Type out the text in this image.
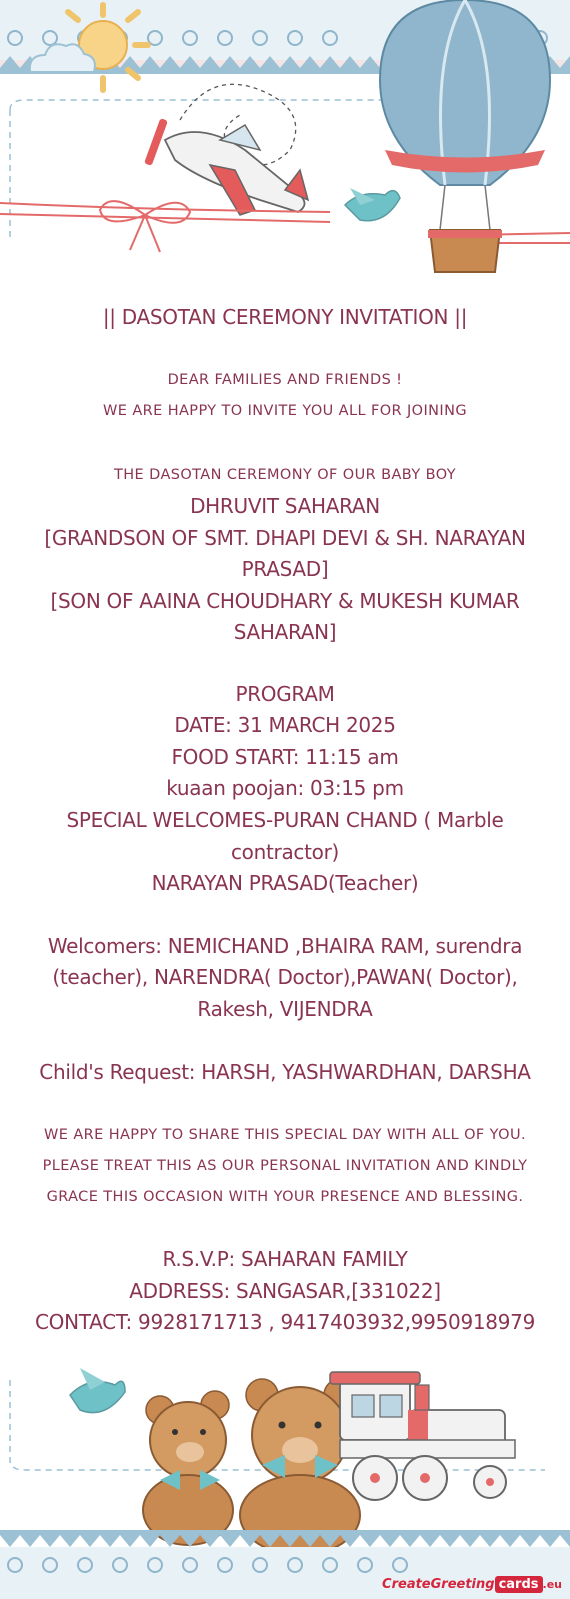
|| DASOTAN CEREMONY INVITATION ||
DEAR FAMILIES AND FRIENDS !
WE ARE HAPPY TO INVITE YOU ALL FOR JOINING
THE DASOTAN CEREMONY OF OUR BABY BOY
DHRUVIT SAHARAN
[GRANDSON OF SMT. DHAPI DEVI & SH. NARAYAN
PRASAD]
[SON OF AAINA CHOUDHARY & MUKESH KUMAR
SAHARAN]
PROGRAM
DATE: 31 MARCH 2025
FOOD START: 11:15 am
kuaan poojan: 03:15 pm
SPECIAL WELCOMES-PURAN CHAND ( Marble
contractor)
NARAYAN PRASAD(Teacher)
Welcomers: NEMICHAND ,BHAIRA RAM, surendra
(teacher), NARENDRA( Doctor),PAWAN( Doctor),
Rakesh, VIJENDRA
Child's Request: HARSH, YASHWARDHAN, DARSHA
WE ARE HAPPY TO SHARE THIS SPECIAL DAY WITH ALL OF YOU.
PLEASE TREAT THIS AS OUR PERSONAL INVITATION AND KINDLY
GRACE THIS OCCASION WITH YOUR PRESENCE AND BLESSING.
R.S.V.P: SAHARAN FAMILY
ADDRESS: SANGASAR,[331022]
CONTACT: 9928171713 , 9417403932,9950918979
CreateGreeting cards .eu
